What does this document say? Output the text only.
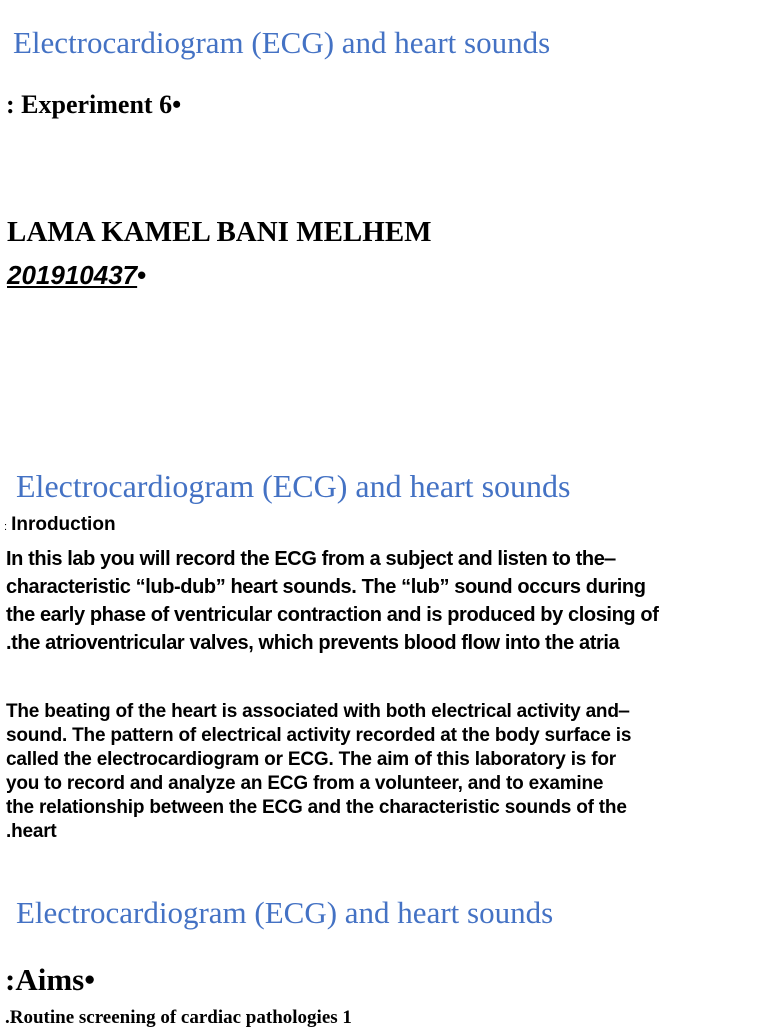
Electrocardiogram (ECG) and heart sounds
: Experiment 6•
LAMA KAMEL BANI MELHEM
201910437•
Electrocardiogram (ECG) and heart sounds
: Inroduction
In this lab you will record the ECG from a subject and listen to the‒
characteristic “lub-dub” heart sounds. The “lub” sound occurs during
the early phase of ventricular contraction and is produced by closing of
.the atrioventricular valves, which prevents blood flow into the atria
The beating of the heart is associated with both electrical activity and‒
sound. The pattern of electrical activity recorded at the body surface is
called the electrocardiogram or ECG. The aim of this laboratory is for
you to record and analyze an ECG from a volunteer, and to examine
the relationship between the ECG and the characteristic sounds of the
.heart
Electrocardiogram (ECG) and heart sounds
:Aims•
.Routine screening of cardiac pathologies 1
